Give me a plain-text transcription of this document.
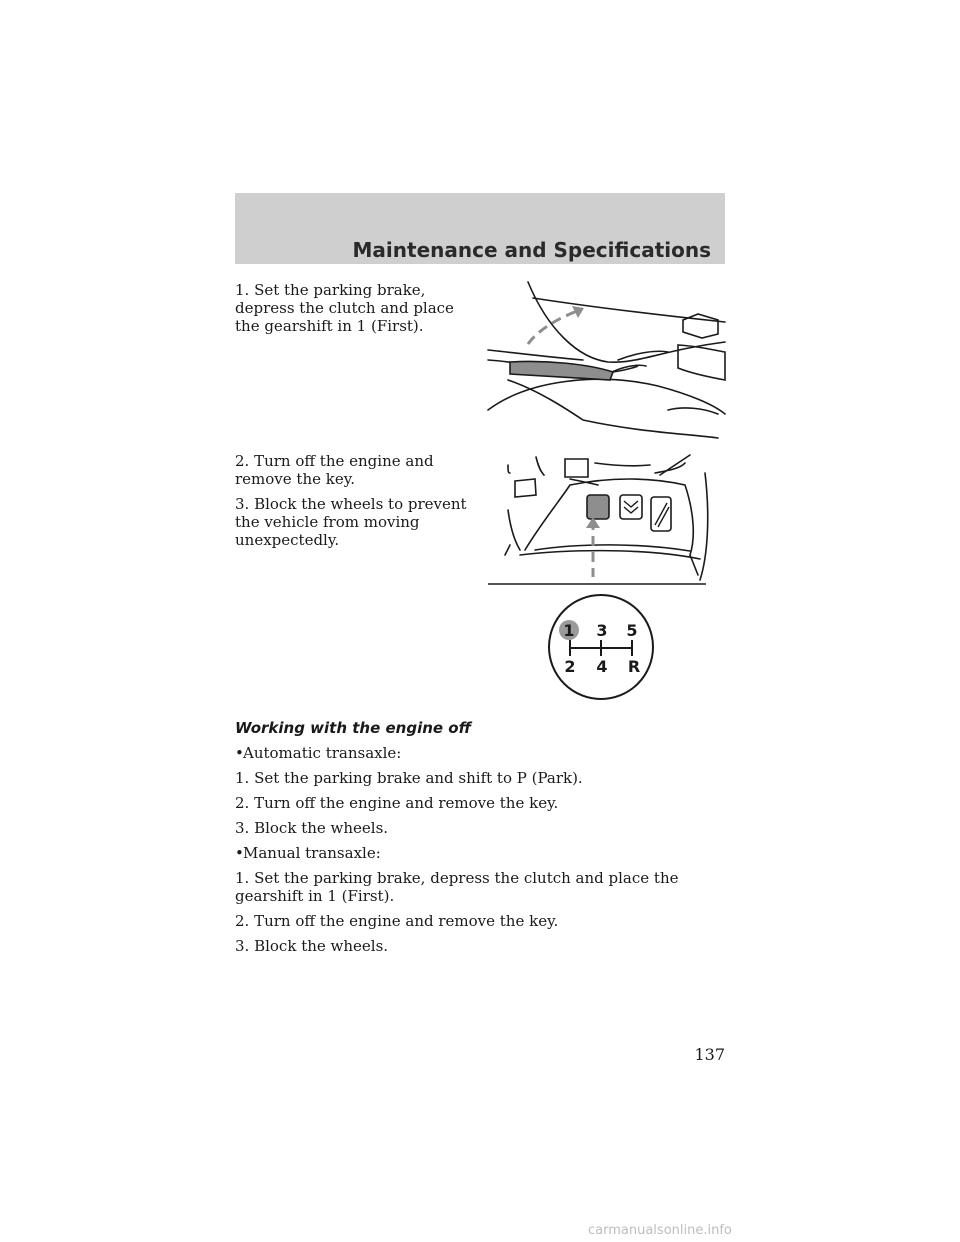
Maintenance and Specifications

1. Set the parking brake, depress the clutch and place the gearshift in 1 (First).

2. Turn off the engine and remove the key.

3. Block the wheels to prevent the vehicle from moving unexpectedly.

1 3 5
2 4 R
Working with the engine off

•Automatic transaxle:

1. Set the parking brake and shift to P (Park).

2. Turn off the engine and remove the key.

3. Block the wheels.

•Manual transaxle:

1. Set the parking brake, depress the clutch and place the gearshift in 1 (First).

2. Turn off the engine and remove the key.

3. Block the wheels.

137

carmanualsonline.info
